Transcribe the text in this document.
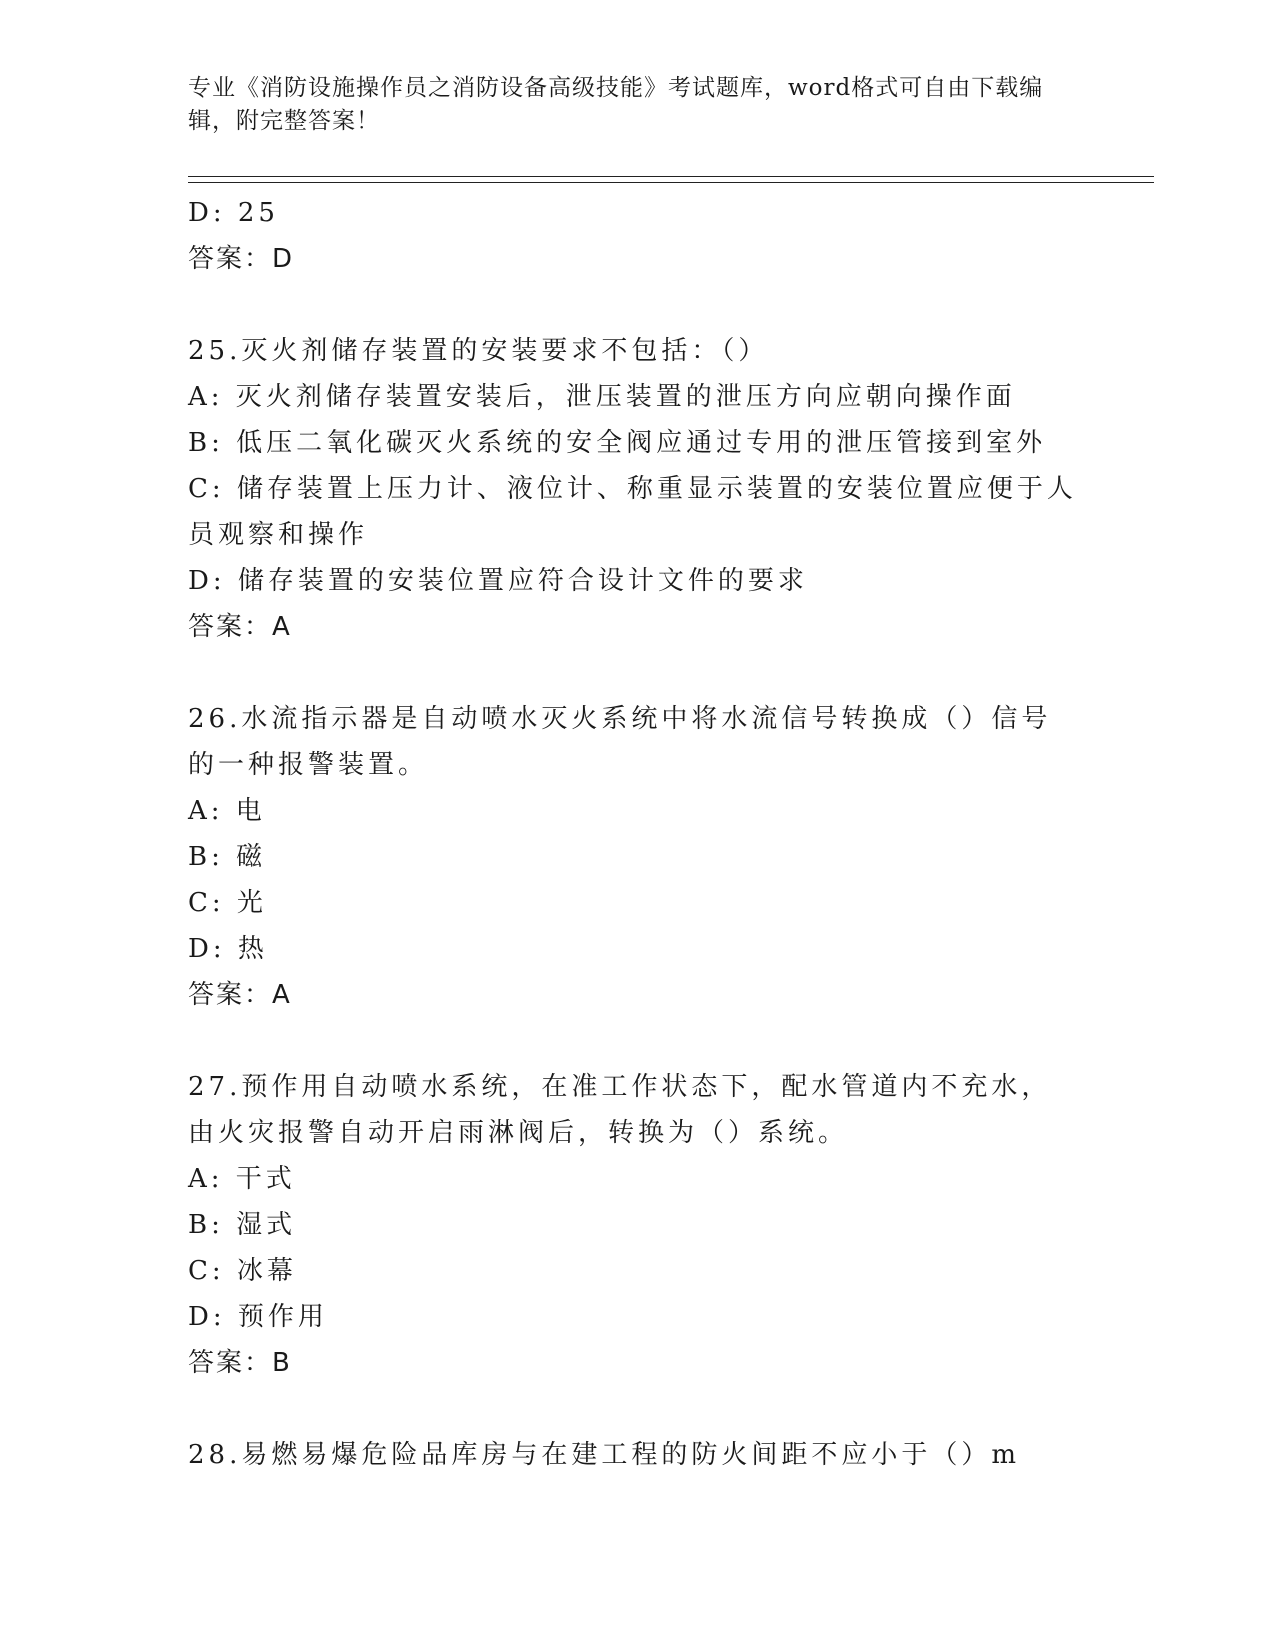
专业《消防设施操作员之消防设备高级技能》考试题库，word格式可自由下载编辑，附完整答案！
D: 25
答案：D
25.灭火剂储存装置的安装要求不包括：（）
A: 灭火剂储存装置安装后，泄压装置的泄压方向应朝向操作面
B: 低压二氧化碳灭火系统的安全阀应通过专用的泄压管接到室外
C: 储存装置上压力计、液位计、称重显示装置的安装位置应便于人员观察和操作
D: 储存装置的安装位置应符合设计文件的要求
答案：A
26.水流指示器是自动喷水灭火系统中将水流信号转换成（）信号的一种报警装置。
A: 电
B: 磁
C: 光
D: 热
答案：A
27.预作用自动喷水系统，在准工作状态下，配水管道内不充水，由火灾报警自动开启雨淋阀后，转换为（）系统。
A: 干式
B: 湿式
C: 冰幕
D: 预作用
答案：B
28.易燃易爆危险品库房与在建工程的防火间距不应小于（）m
